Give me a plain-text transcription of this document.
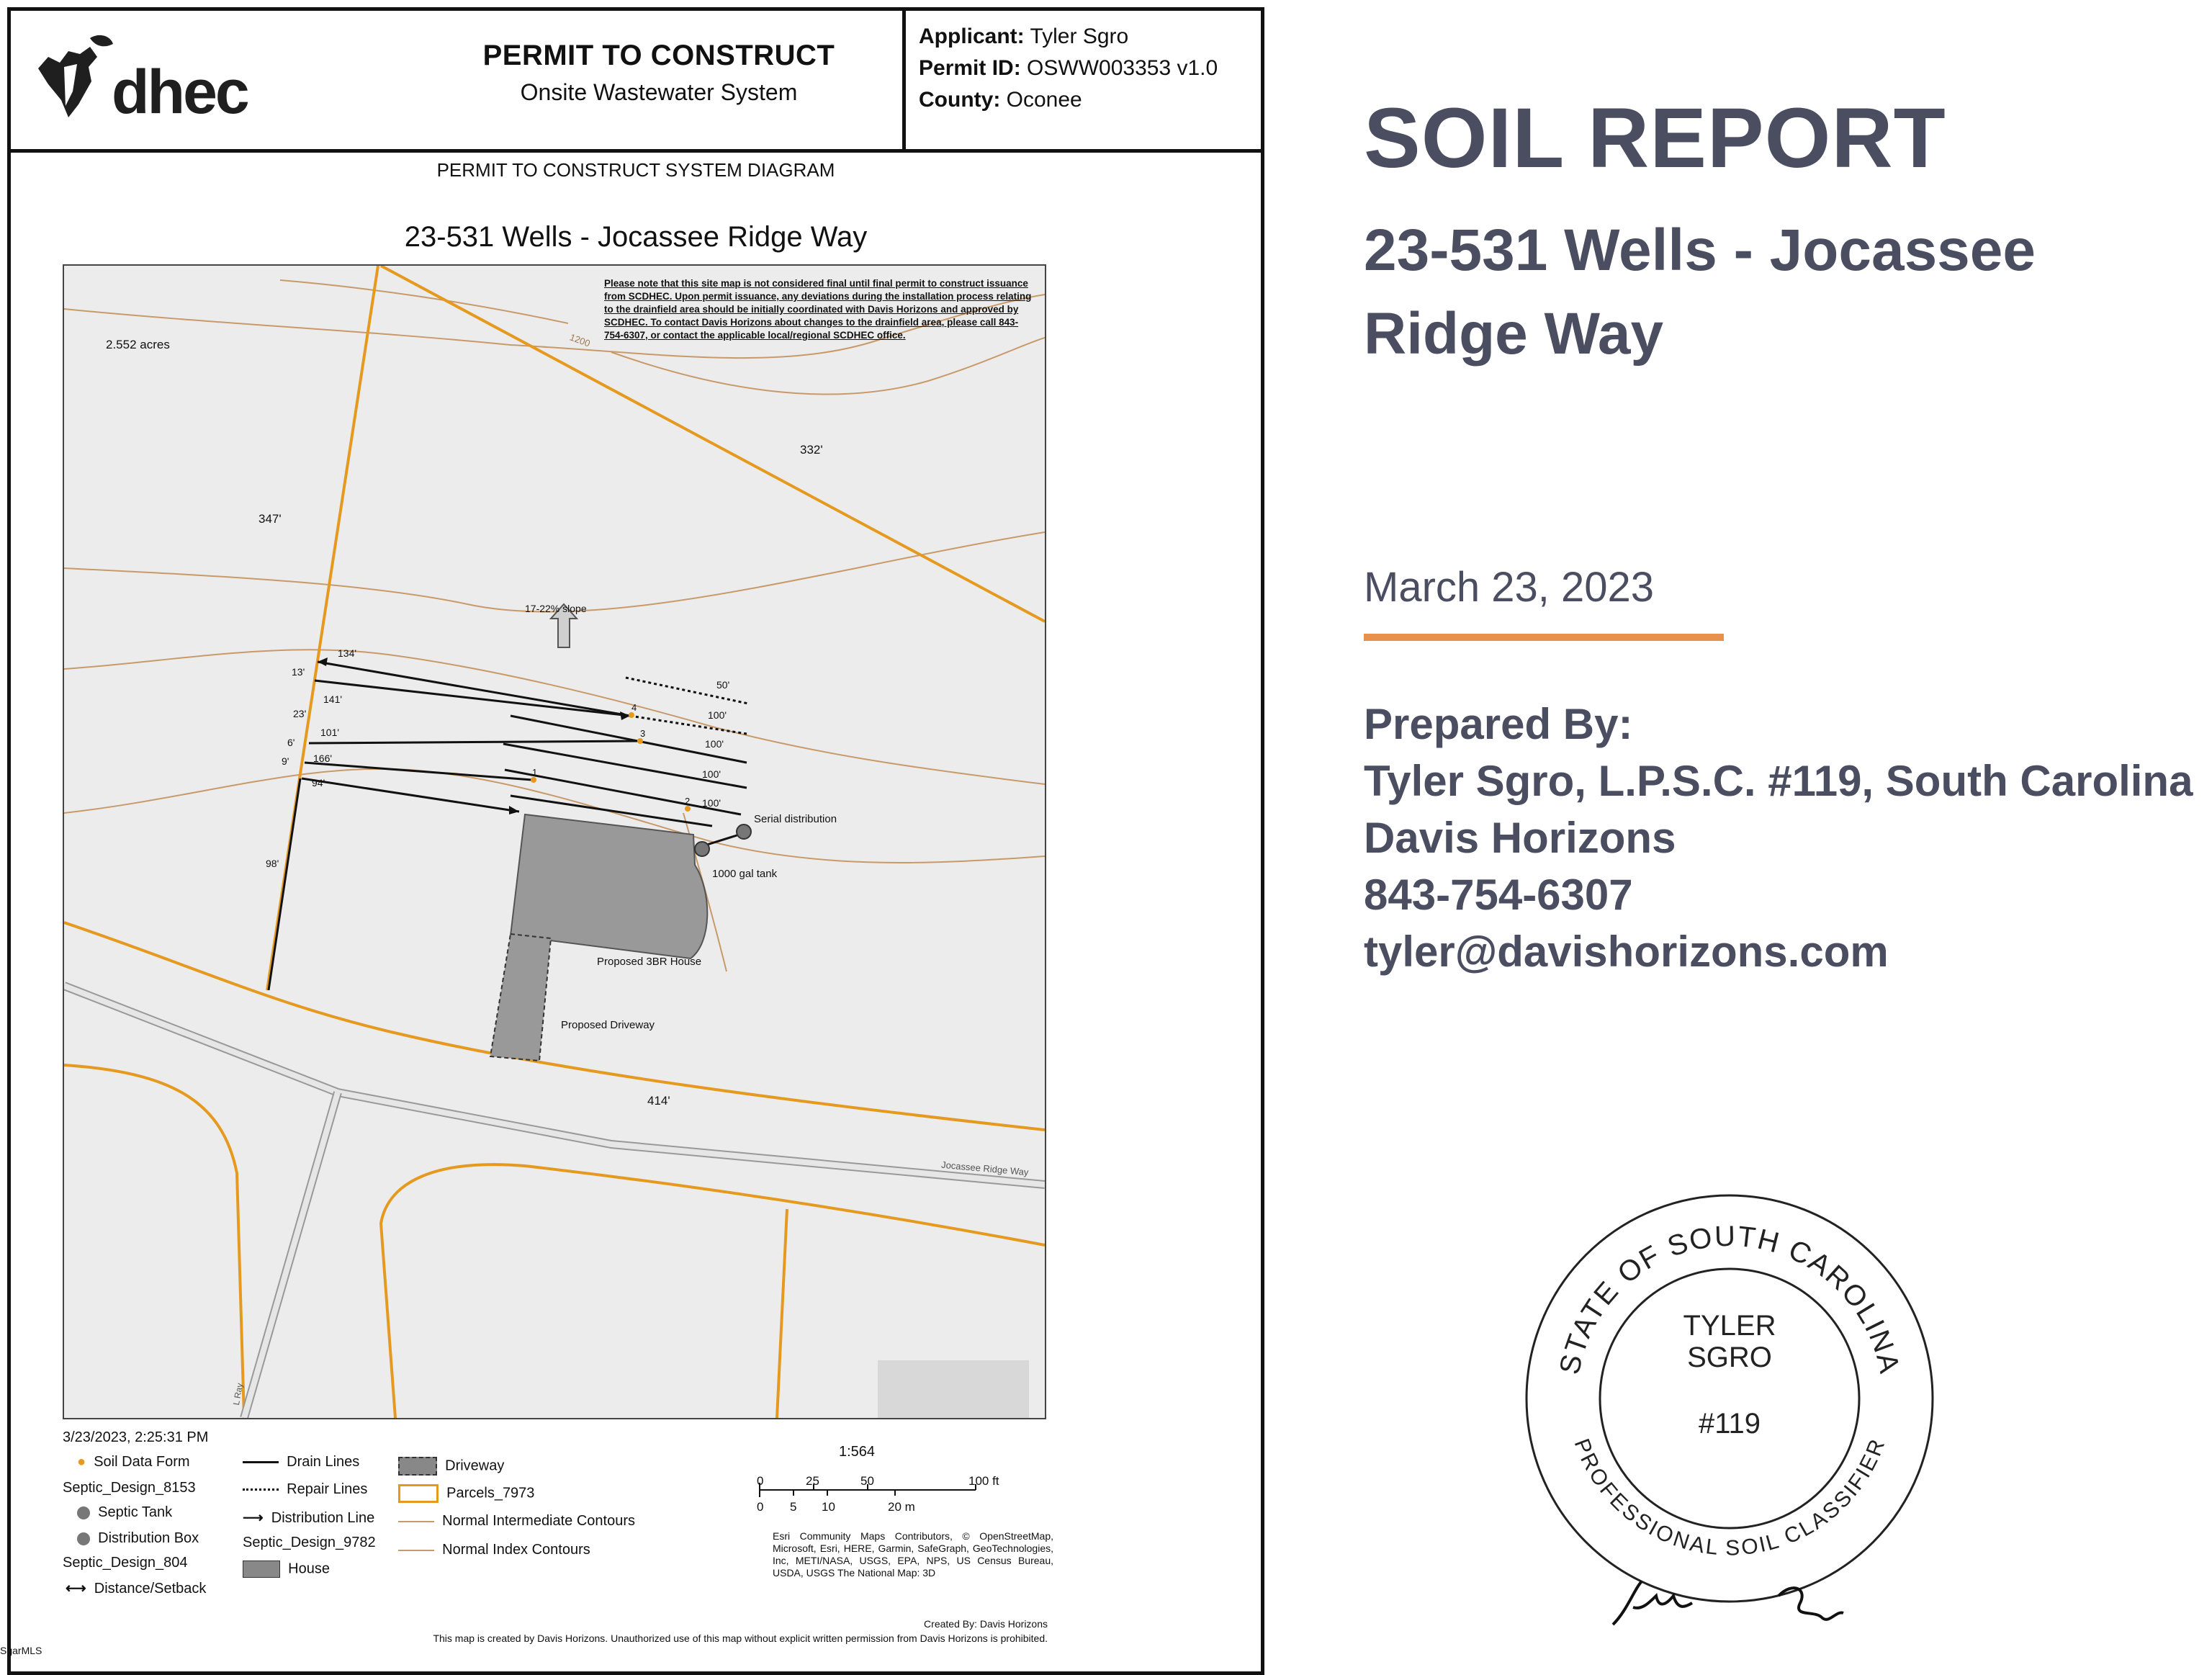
dhec
PERMIT TO CONSTRUCT
Onsite Wastewater System
Applicant: Tyler Sgro
Permit ID: OSWW003353 v1.0
County: Oconee
PERMIT TO CONSTRUCT SYSTEM DIAGRAM
23-531 Wells - Jocassee Ridge Way
Please note that this site map is not considered final until final permit to construct issuance from SCDHEC. Upon permit issuance, any deviations during the installation process relating to the drainfield area should be initially coordinated with Davis Horizons and approved by SCDHEC. To contact Davis Horizons about changes to the drainfield area, please call 843-754-6307, or contact the applicable local/regional SCDHEC office.
2.552 acres	1200
332'
347'
414'
17-22% slope
134'
13'
141'
23'
101'
6'
9' 166'
94'
98'
50'
100'
100'
100'
100'
4
3
1
2
Serial distribution
1000 gal tank
Proposed 3BR House
Proposed Driveway
Jocassee Ridge Way
L Ray
3/23/2023, 2:25:31 PM
● Soil Data Form
Septic_Design_8153
Septic Tank
Distribution Box
Septic_Design_804
⟷ Distance/Setback
Drain Lines
Repair Lines
⟶ Distribution Line
Septic_Design_9782
House
Driveway
Parcels_7973
Normal Intermediate Contours
Normal Index Contours
1:564
0	25	50	100 ft
0 5 10	20 m
Esri Community Maps Contributors, © OpenStreetMap, Microsoft, Esri, HERE, Garmin, SafeGraph, GeoTechnologies, Inc, METI/NASA, USGS, EPA, NPS, US Census Bureau, USDA, USGS The National Map: 3D
Created By: Davis Horizons
This map is created by Davis Horizons. Unauthorized use of this map without explicit written permission from Davis Horizons is prohibited.
SOIL REPORT
23-531 Wells - Jocassee Ridge Way
March 23, 2023
Prepared By:
Tyler Sgro, L.P.S.C. #119, South Carolina
Davis Horizons
843-754-6307
tyler@davishorizons.com
STATE OF SOUTH CAROLINA
PROFESSIONAL SOIL CLASSIFIER
TYLER
SGRO
#119
SgarMLS
